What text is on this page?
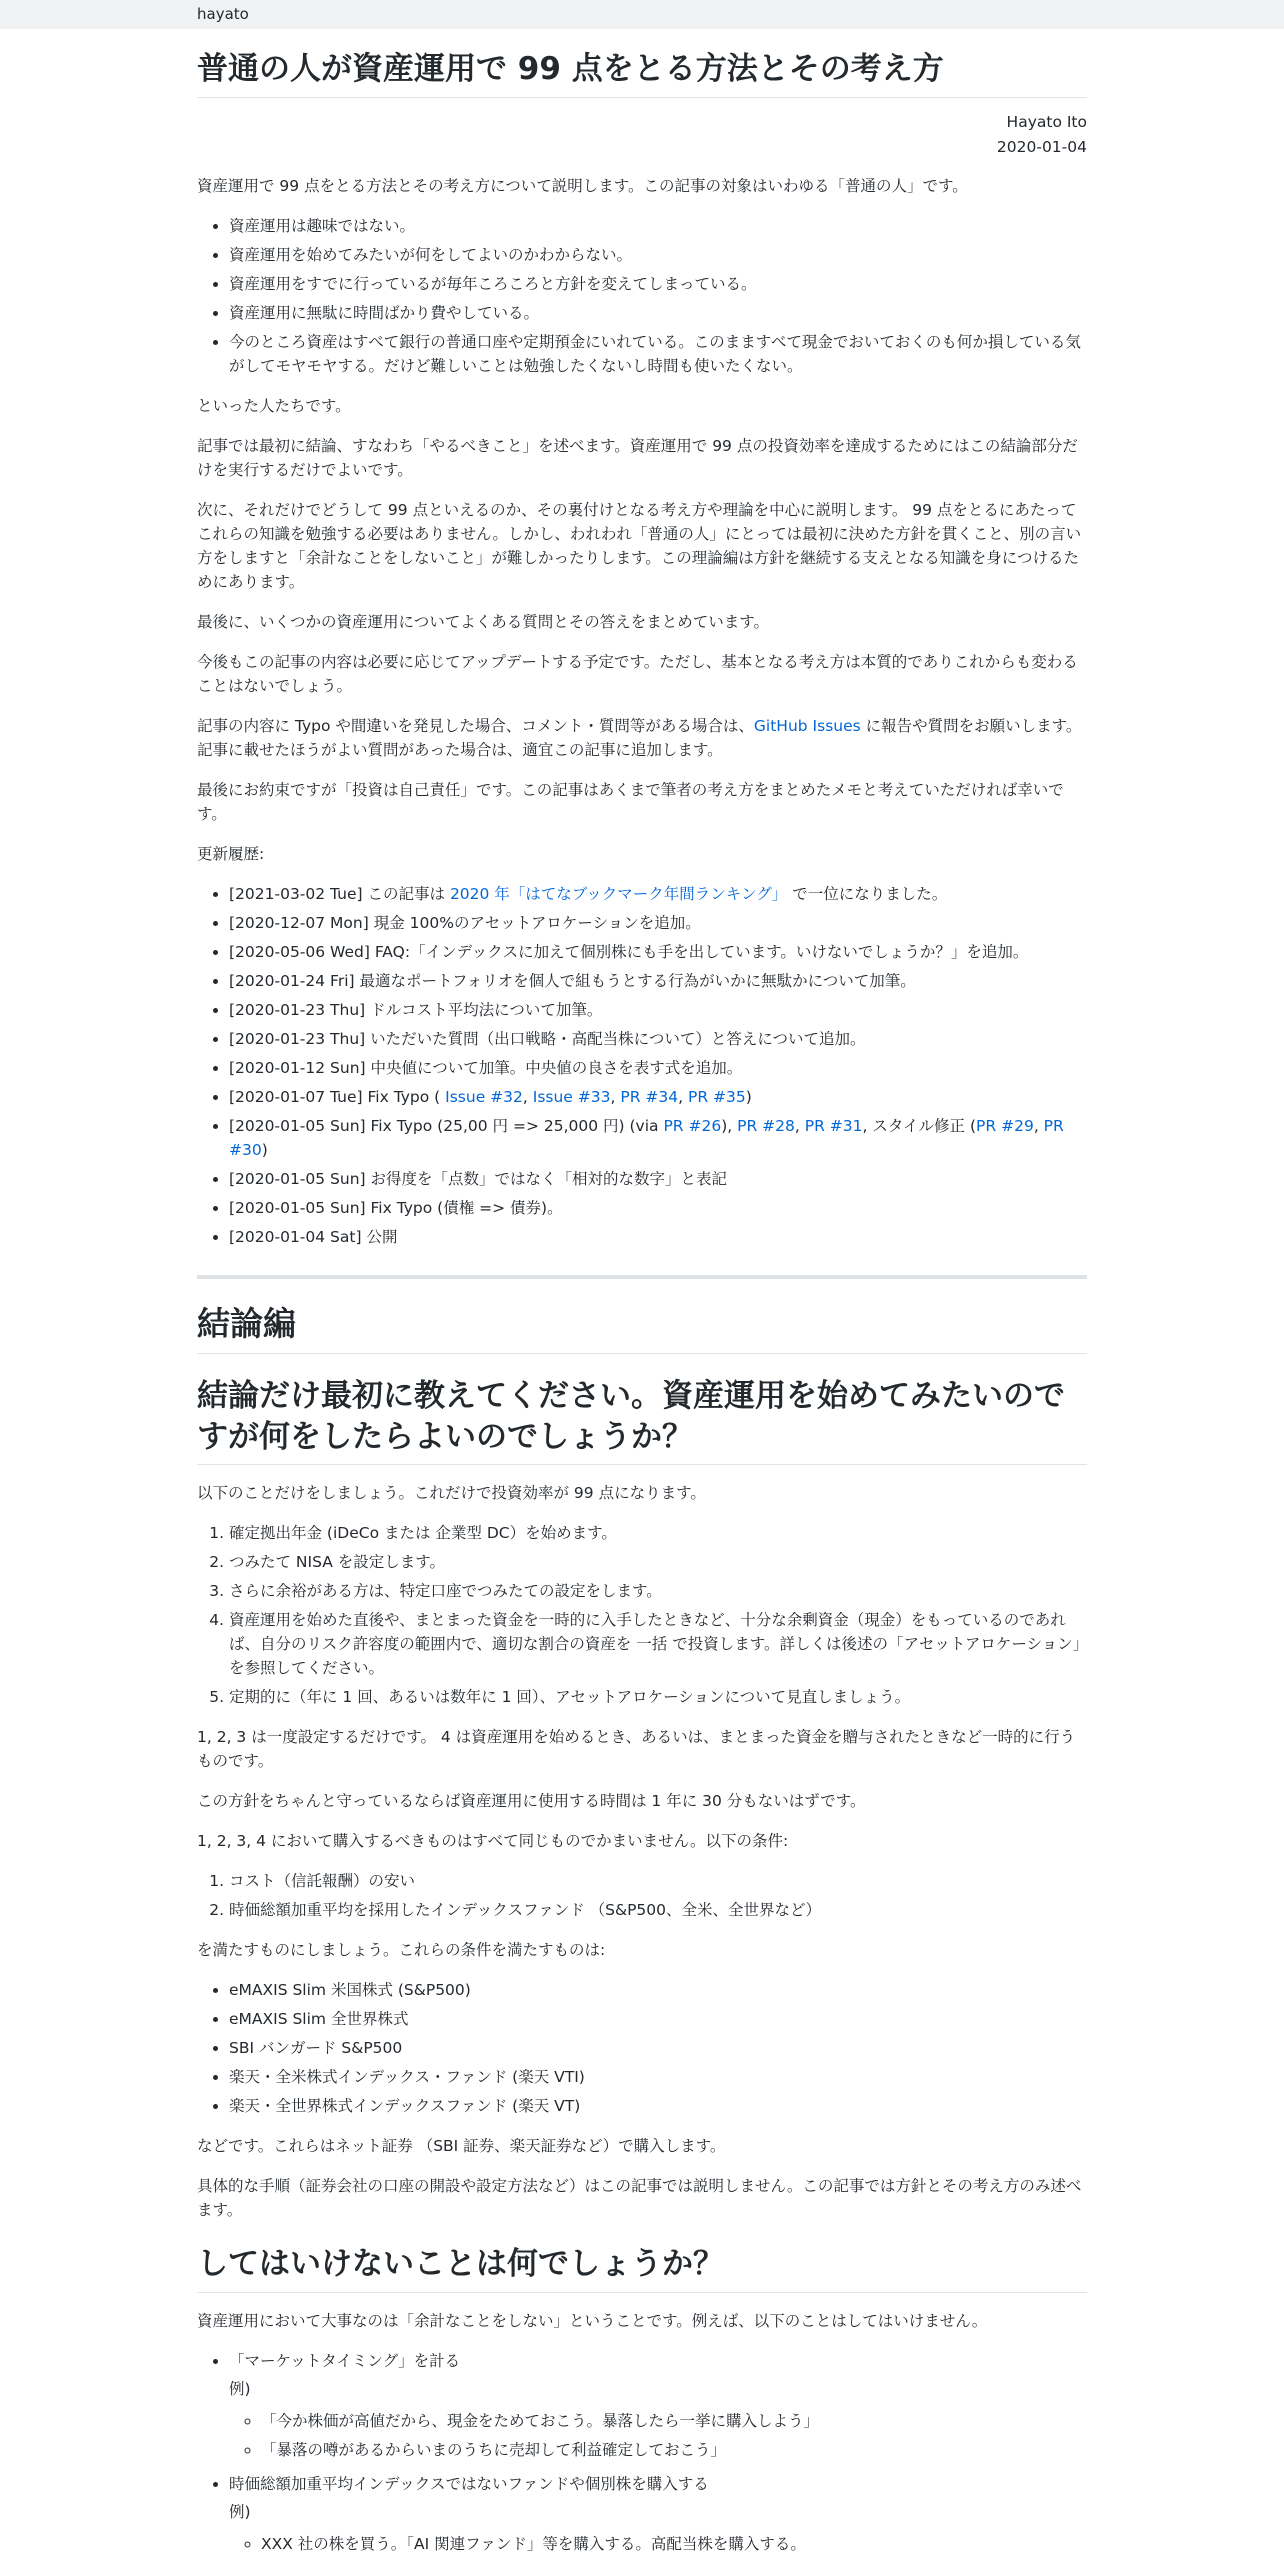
hayato
普通の人が資産運用で 99 点をとる方法とその考え方
Hayato Ito
2020-01-04

資産運用で 99 点をとる方法とその考え方について説明します。この記事の対象はいわゆる「普通の人」です。

• 資産運用は趣味ではない。
• 資産運用を始めてみたいが何をしてよいのかわからない。
• 資産運用をすでに行っているが毎年ころころと方針を変えてしまっている。
• 資産運用に無駄に時間ばかり費やしている。
• 今のところ資産はすべて銀行の普通口座や定期預金にいれている。このまますべて現金でおいておくのも何か損している気がしてモヤモヤする。だけど難しいことは勉強したくないし時間も使いたくない。

といった人たちです。

記事では最初に結論、すなわち「やるべきこと」を述べます。資産運用で 99 点の投資効率を達成するためにはこの結論部分だけを実行するだけでよいです。

次に、それだけでどうして 99 点といえるのか、その裏付けとなる考え方や理論を中心に説明します。 99 点をとるにあたってこれらの知識を勉強する必要はありません。しかし、われわれ「普通の人」にとっては最初に決めた方針を貫くこと、別の言い方をしますと「余計なことをしないこと」が難しかったりします。この理論編は方針を継続する支えとなる知識を身につけるためにあります。

最後に、いくつかの資産運用についてよくある質問とその答えをまとめています。

今後もこの記事の内容は必要に応じてアップデートする予定です。ただし、基本となる考え方は本質的でありこれからも変わることはないでしょう。

記事の内容に Typo や間違いを発見した場合、コメント・質問等がある場合は、GitHub Issues に報告や質問をお願いします。記事に載せたほうがよい質問があった場合は、適宜この記事に追加します。

最後にお約束ですが「投資は自己責任」です。この記事はあくまで筆者の考え方をまとめたメモと考えていただければ幸いです。

更新履歴:

• [2021-03-02 Tue] この記事は 2020 年「はてなブックマーク年間ランキング」 で一位になりました。
• [2020-12-07 Mon] 現金 100%のアセットアロケーションを追加。
• [2020-05-06 Wed] FAQ:「インデックスに加えて個別株にも手を出しています。いけないでしょうか？」を追加。
• [2020-01-24 Fri] 最適なポートフォリオを個人で組もうとする行為がいかに無駄かについて加筆。
• [2020-01-23 Thu] ドルコスト平均法について加筆。
• [2020-01-23 Thu] いただいた質問（出口戦略・高配当株について）と答えについて追加。
• [2020-01-12 Sun] 中央値について加筆。中央値の良さを表す式を追加。
• [2020-01-07 Tue] Fix Typo ( Issue #32, Issue #33, PR #34, PR #35)
• [2020-01-05 Sun] Fix Typo (25,00 円 => 25,000 円) (via PR #26), PR #28, PR #31, スタイル修正 (PR #29, PR #30)
• [2020-01-05 Sun] お得度を「点数」ではなく「相対的な数字」と表記
• [2020-01-05 Sun] Fix Typo (債権 => 債券)。
• [2020-01-04 Sat] 公開
結論編
結論だけ最初に教えてください。資産運用を始めてみたいのですが何をしたらよいのでしょうか？

以下のことだけをしましょう。これだけで投資効率が 99 点になります。

1. 確定拠出年金 (iDeCo または 企業型 DC）を始めます。
2. つみたて NISA を設定します。
3. さらに余裕がある方は、特定口座でつみたての設定をします。
4. 資産運用を始めた直後や、まとまった資金を一時的に入手したときなど、十分な余剰資金（現金）をもっているのであれば、自分のリスク許容度の範囲内で、適切な割合の資産を 一括 で投資します。詳しくは後述の「アセットアロケーション」を参照してください。
5. 定期的に（年に 1 回、あるいは数年に 1 回）、アセットアロケーションについて見直しましょう。

1, 2, 3 は一度設定するだけです。 4 は資産運用を始めるとき、あるいは、まとまった資金を贈与されたときなど一時的に行うものです。

この方針をちゃんと守っているならば資産運用に使用する時間は 1 年に 30 分もないはずです。

1, 2, 3, 4 において購入するべきものはすべて同じものでかまいません。以下の条件:

1. コスト（信託報酬）の安い
2. 時価総額加重平均を採用したインデックスファンド （S&P500、全米、全世界など）

を満たすものにしましょう。これらの条件を満たすものは:

• eMAXIS Slim 米国株式 (S&P500)
• eMAXIS Slim 全世界株式
• SBI バンガード S&P500
• 楽天・全米株式インデックス・ファンド (楽天 VTI)
• 楽天・全世界株式インデックスファンド (楽天 VT)

などです。これらはネット証券 （SBI 証券、楽天証券など）で購入します。

具体的な手順（証券会社の口座の開設や設定方法など）はこの記事では説明しません。この記事では方針とその考え方のみ述べます。

してはいけないことは何でしょうか？

資産運用において大事なのは「余計なことをしない」ということです。例えば、以下のことはしてはいけません。

• 「マーケットタイミング」を計る
例)
◦ 「今か株価が高値だから、現金をためておこう。暴落したら一挙に購入しよう」
◦ 「暴落の噂があるからいまのうちに売却して利益確定しておこう」
• 時価総額加重平均インデックスではないファンドや個別株を購入する
例)
◦ XXX 社の株を買う。「AI 関連ファンド」等を購入する。高配当株を購入する。
